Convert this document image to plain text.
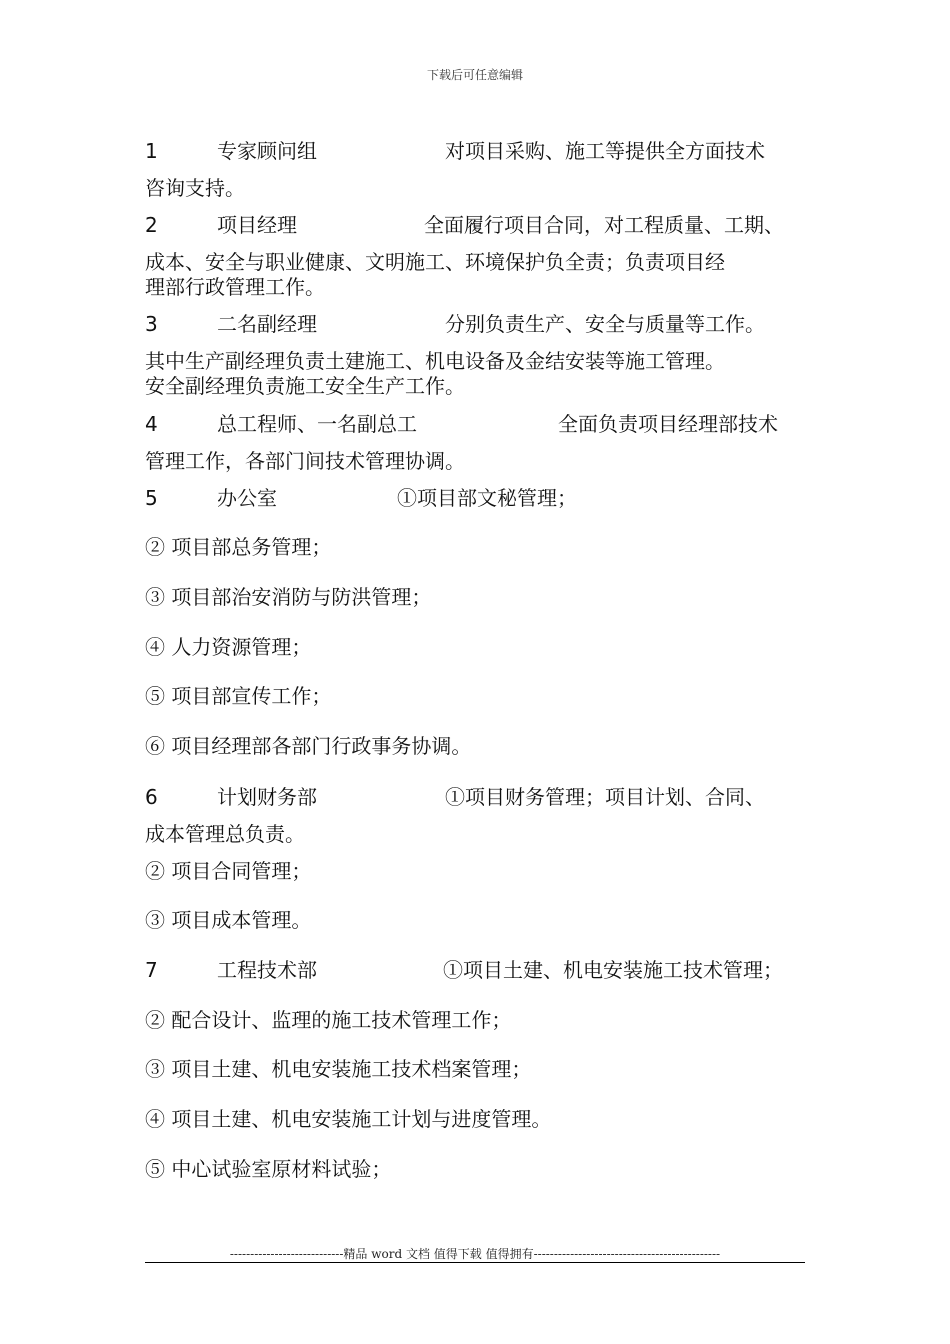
下载后可任意编辑
1	专家顾问组	对项目采购、施工等提供全方面技术
咨询支持。
2	项目经理	全面履行项目合同，对工程质量、工期、
成本、安全与职业健康、文明施工、环境保护负全责；负责项目经
理部行政管理工作。
3	二名副经理	分别负责生产、安全与质量等工作。
其中生产副经理负责土建施工、机电设备及金结安装等施工管理。
安全副经理负责施工安全生产工作。
4	总工程师、一名副总工	全面负责项目经理部技术
管理工作，各部门间技术管理协调。
5	办公室	①项目部文秘管理；
② 项目部总务管理；
③ 项目部治安消防与防洪管理；
④ 人力资源管理；
⑤ 项目部宣传工作；
⑥ 项目经理部各部门行政事务协调。
6	计划财务部	①项目财务管理；项目计划、合同、
成本管理总负责。
② 项目合同管理；
③ 项目成本管理。
7	工程技术部	①项目土建、机电安装施工技术管理；
② 配合设计、监理的施工技术管理工作；
③ 项目土建、机电安装施工技术档案管理；
④ 项目土建、机电安装施工计划与进度管理。
⑤ 中心试验室原材料试验；
----------------------------精品 word 文档 值得下载 值得拥有----------------------------------------------
